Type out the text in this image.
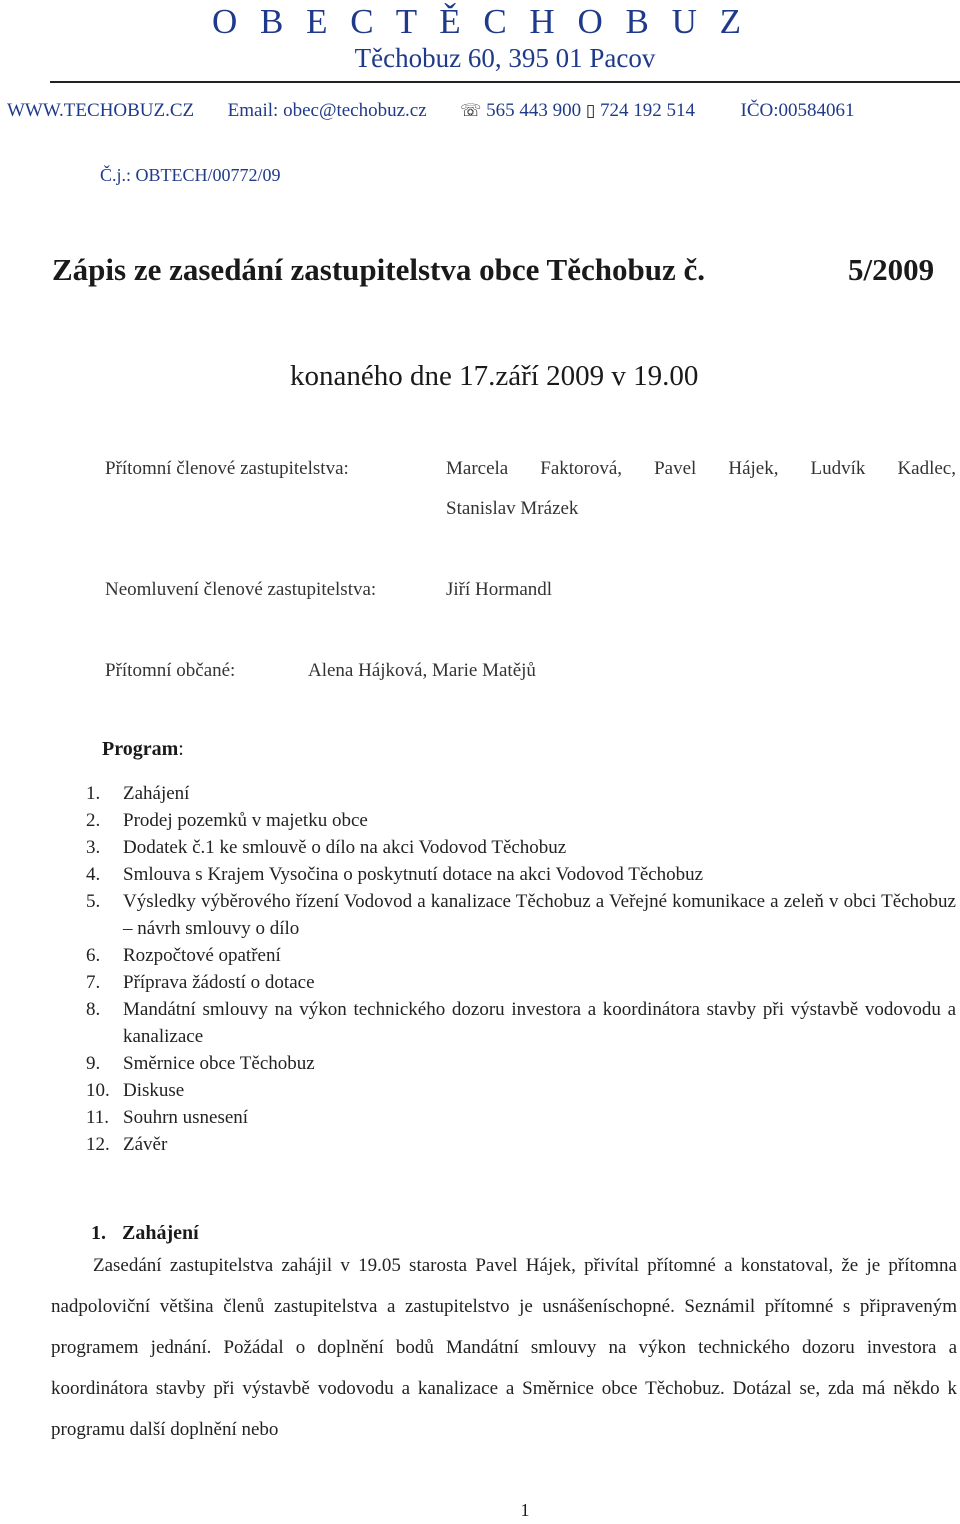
O B E C T Ě C H O B U Z
Těchobuz 60, 395 01 Pacov
WWW.TECHOBUZ.CZ Email: obec@techobuz.cz ☏ 565 443 900 ▯ 724 192 514 IČO:00584061
Č.j.: OBTECH/00772/09
Zápis ze zasedání zastupitelstva obce Těchobuz č.	5/2009
konaného dne 17.září 2009 v 19.00
Přítomní členové zastupitelstva:	Marcela Faktorová, Pavel Hájek, Ludvík Kadlec,
Stanislav Mrázek
Neomluvení členové zastupitelstva:	Jiří Hormandl
Přítomní občané:	Alena Hájková, Marie Matějů
Program:
1.	Zahájení
2.	Prodej pozemků v majetku obce
3.	Dodatek č.1 ke smlouvě o dílo na akci Vodovod Těchobuz
4.	Smlouva s Krajem Vysočina o poskytnutí dotace na akci Vodovod Těchobuz
5.	Výsledky výběrového řízení Vodovod a kanalizace Těchobuz a Veřejné komunikace a zeleň v obci Těchobuz – návrh smlouvy o dílo
6.	Rozpočtové opatření
7.	Příprava žádostí o dotace
8.	Mandátní smlouvy na výkon technického dozoru investora a koordinátora stavby při výstavbě vodovodu a kanalizace
9.	Směrnice obce Těchobuz
10. Diskuse
11. Souhrn usnesení
12. Závěr
1. Zahájení
Zasedání zastupitelstva zahájil v 19.05 starosta Pavel Hájek, přivítal přítomné a konstatoval, že je přítomna nadpoloviční většina členů zastupitelstva a zastupitelstvo je usnášeníschopné. Seznámil přítomné s připraveným programem jednání. Požádal o doplnění bodů Mandátní smlouvy na výkon technického dozoru investora a koordinátora stavby při výstavbě vodovodu a kanalizace a Směrnice obce Těchobuz. Dotázal se, zda má někdo k programu další doplnění nebo
1
